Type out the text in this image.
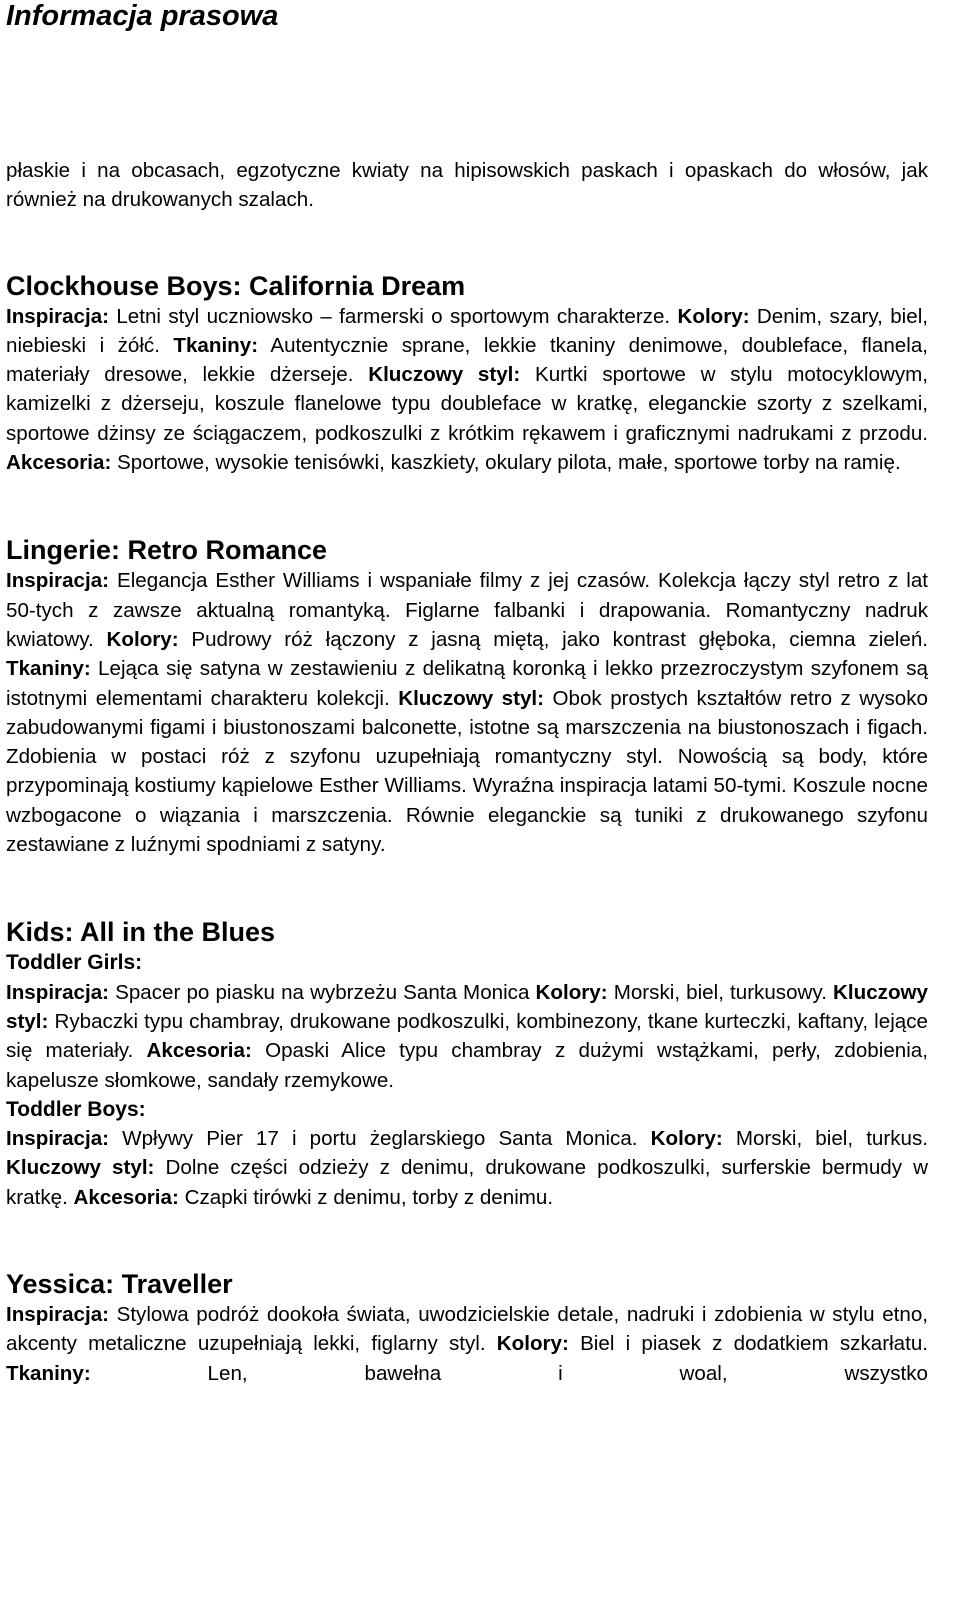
Informacja prasowa

płaskie i na obcasach, egzotyczne kwiaty na hipisowskich paskach i opaskach do włosów, jak również na drukowanych szalach.

Clockhouse Boys: California Dream

Inspiracja: Letni styl uczniowsko – farmerski o sportowym charakterze. Kolory: Denim, szary, biel, niebieski i żółć. Tkaniny: Autentycznie sprane, lekkie tkaniny denimowe, doubleface, flanela, materiały dresowe, lekkie dżerseje. Kluczowy styl: Kurtki sportowe w stylu motocyklowym, kamizelki z dżerseju, koszule flanelowe typu doubleface w kratkę, eleganckie szorty z szelkami, sportowe dżinsy ze ściągaczem, podkoszulki z krótkim rękawem i graficznymi nadrukami z przodu. Akcesoria: Sportowe, wysokie tenisówki, kaszkiety, okulary pilota, małe, sportowe torby na ramię.

Lingerie: Retro Romance

Inspiracja: Elegancja Esther Williams i wspaniałe filmy z jej czasów. Kolekcja łączy styl retro z lat 50-tych z zawsze aktualną romantyką. Figlarne falbanki i drapowania. Romantyczny nadruk kwiatowy. Kolory: Pudrowy róż łączony z jasną miętą, jako kontrast głęboka, ciemna zieleń. Tkaniny: Lejąca się satyna w zestawieniu z delikatną koronką i lekko przezroczystym szyfonem są istotnymi elementami charakteru kolekcji. Kluczowy styl: Obok prostych kształtów retro z wysoko zabudowanymi figami i biustonoszami balconette, istotne są marszczenia na biustonoszach i figach. Zdobienia w postaci róż z szyfonu uzupełniają romantyczny styl. Nowością są body, które przypominają kostiumy kąpielowe Esther Williams. Wyraźna inspiracja latami 50-tymi. Koszule nocne wzbogacone o wiązania i marszczenia. Równie eleganckie są tuniki z drukowanego szyfonu zestawiane z luźnymi spodniami z satyny.

Kids: All in the Blues
Toddler Girls:

Inspiracja: Spacer po piasku na wybrzeżu Santa Monica Kolory: Morski, biel, turkusowy. Kluczowy styl: Rybaczki typu chambray, drukowane podkoszulki, kombinezony, tkane kurteczki, kaftany, lejące się materiały. Akcesoria: Opaski Alice typu chambray z dużymi wstążkami, perły, zdobienia, kapelusze słomkowe, sandały rzemykowe.

Toddler Boys:

Inspiracja: Wpływy Pier 17 i portu żeglarskiego Santa Monica. Kolory: Morski, biel, turkus. Kluczowy styl: Dolne części odzieży z denimu, drukowane podkoszulki, surferskie bermudy w kratkę. Akcesoria: Czapki tirówki z denimu, torby z denimu.

Yessica: Traveller

Inspiracja: Stylowa podróż dookoła świata, uwodzicielskie detale, nadruki i zdobienia w stylu etno, akcenty metaliczne uzupełniają lekki, figlarny styl. Kolory: Biel i piasek z dodatkiem szkarłatu. Tkaniny: Len, bawełna i woal, wszystko
